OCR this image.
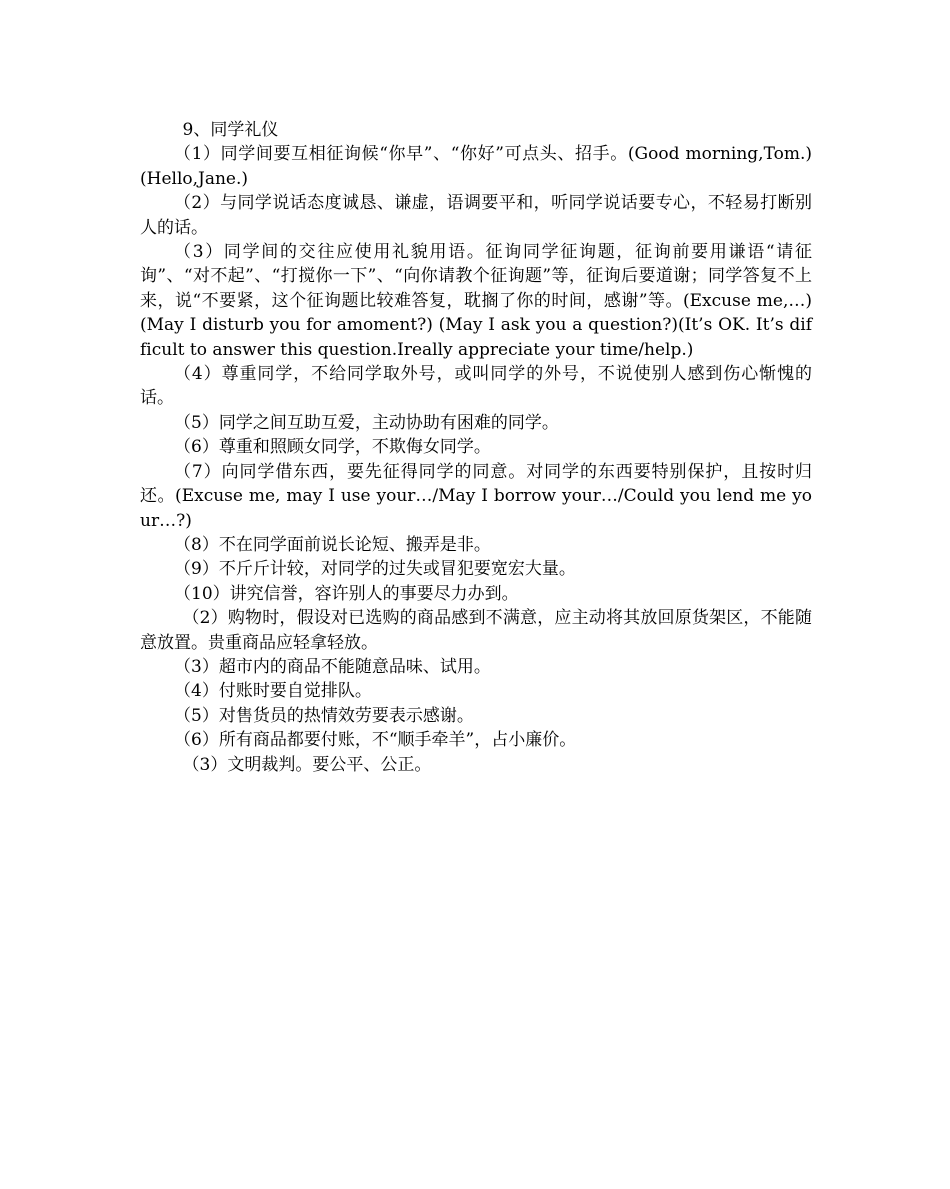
9、同学礼仪

（1）同学间要互相征询候“你早”、“你好”可点头、招手。(Good morning,Tom.)(Hello,Jane.)

（2）与同学说话态度诚恳、谦虚，语调要平和，听同学说话要专心，不轻易打断别人的话。

（3）同学间的交往应使用礼貌用语。征询同学征询题，征询前要用谦语“请征询”、“对不起”、“打搅你一下”、“向你请教个征询题”等，征询后要道谢；同学答复不上来，说“不要紧，这个征询题比较难答复，耽搁了你的时间，感谢”等。(Excuse me,…) (May I disturb you for amoment?) (May I ask you a question?)(It’s OK. It’s difficult to answer this question.Ireally appreciate your time/help.)

（4）尊重同学，不给同学取外号，或叫同学的外号，不说使别人感到伤心惭愧的话。

（5）同学之间互助互爱，主动协助有困难的同学。

（6）尊重和照顾女同学，不欺侮女同学。

（7）向同学借东西，要先征得同学的同意。对同学的东西要特别保护，且按时归还。(Excuse me, may I use your…/May I borrow your…/Could you lend me your…?)

（8）不在同学面前说长论短、搬弄是非。

（9）不斤斤计较，对同学的过失或冒犯要宽宏大量。

（10）讲究信誉，容许别人的事要尽力办到。

（2）购物时，假设对已选购的商品感到不满意，应主动将其放回原货架区，不能随意放置。贵重商品应轻拿轻放。

（3）超市内的商品不能随意品味、试用。

（4）付账时要自觉排队。

（5）对售货员的热情效劳要表示感谢。

（6）所有商品都要付账，不“顺手牵羊”，占小廉价。

（3）文明裁判。要公平、公正。
